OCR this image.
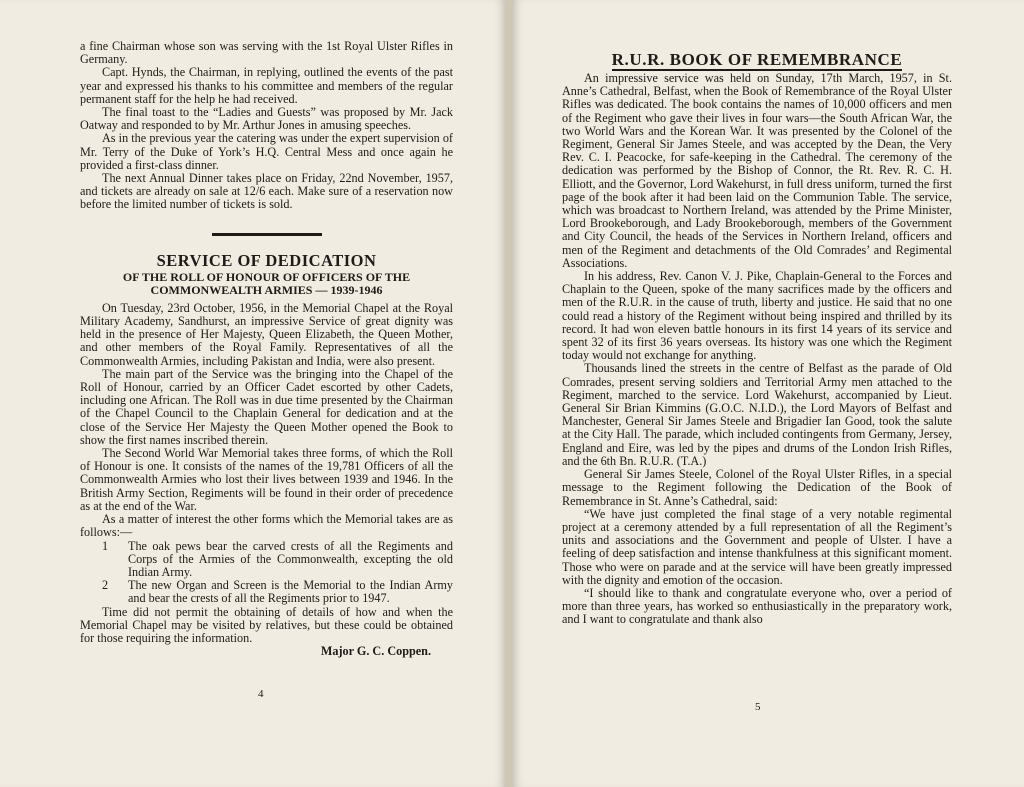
a fine Chairman whose son was serving with the 1st Royal Ulster Rifles in Germany.

Capt. Hynds, the Chairman, in replying, outlined the events of the past year and expressed his thanks to his committee and members of the regular permanent staff for the help he had received.

The final toast to the “Ladies and Guests” was proposed by Mr. Jack Oatway and responded to by Mr. Arthur Jones in amusing speeches.

As in the previous year the catering was under the expert supervision of Mr. Terry of the Duke of York’s H.Q. Central Mess and once again he provided a first-class dinner.

The next Annual Dinner takes place on Friday, 22nd November, 1957, and tickets are already on sale at 12/6 each. Make sure of a reservation now before the limited number of tickets is sold.

SERVICE OF DEDICATION
OF THE ROLL OF HONOUR OF OFFICERS OF THE
COMMONWEALTH ARMIES — 1939-1946

On Tuesday, 23rd October, 1956, in the Memorial Chapel at the Royal Military Academy, Sandhurst, an impressive Service of great dignity was held in the presence of Her Majesty, Queen Elizabeth, the Queen Mother, and other members of the Royal Family. Representatives of all the Commonwealth Armies, including Pakistan and India, were also present.

The main part of the Service was the bringing into the Chapel of the Roll of Honour, carried by an Officer Cadet escorted by other Cadets, including one African. The Roll was in due time presented by the Chairman of the Chapel Council to the Chaplain General for dedication and at the close of the Service Her Majesty the Queen Mother opened the Book to show the first names inscribed therein.

The Second World War Memorial takes three forms, of which the Roll of Honour is one. It consists of the names of the 19,781 Officers of all the Commonwealth Armies who lost their lives between 1939 and 1946. In the British Army Section, Regiments will be found in their order of precedence as at the end of the War.

As a matter of interest the other forms which the Memorial takes are as follows:—

1	The oak pews bear the carved crests of all the Regiments and Corps of the Armies of the Commonwealth, excepting the old Indian Army.
2	The new Organ and Screen is the Memorial to the Indian Army and bear the crests of all the Regiments prior to 1947.

Time did not permit the obtaining of details of how and when the Memorial Chapel may be visited by relatives, but these could be obtained for those requiring the information.

Major G. C. Coppen.
4
R.U.R. BOOK OF REMEMBRANCE

An impressive service was held on Sunday, 17th March, 1957, in St. Anne’s Cathedral, Belfast, when the Book of Remembrance of the Royal Ulster Rifles was dedicated. The book contains the names of 10,000 officers and men of the Regiment who gave their lives in four wars—the South African War, the two World Wars and the Korean War. It was presented by the Colonel of the Regiment, General Sir James Steele, and was accepted by the Dean, the Very Rev. C. I. Peacocke, for safe-keeping in the Cathedral. The ceremony of the dedication was performed by the Bishop of Connor, the Rt. Rev. R. C. H. Elliott, and the Governor, Lord Wakehurst, in full dress uniform, turned the first page of the book after it had been laid on the Communion Table. The service, which was broadcast to Northern Ireland, was attended by the Prime Minister, Lord Brookeborough, and Lady Brookeborough, members of the Government and City Council, the heads of the Services in Northern Ireland, officers and men of the Regiment and detachments of the Old Comrades’ and Regimental Associations.

In his address, Rev. Canon V. J. Pike, Chaplain-General to the Forces and Chaplain to the Queen, spoke of the many sacrifices made by the officers and men of the R.U.R. in the cause of truth, liberty and justice. He said that no one could read a history of the Regiment without being inspired and thrilled by its record. It had won eleven battle honours in its first 14 years of its service and spent 32 of its first 36 years overseas. Its history was one which the Regiment today would not exchange for anything.

Thousands lined the streets in the centre of Belfast as the parade of Old Comrades, present serving soldiers and Territorial Army men attached to the Regiment, marched to the service. Lord Wakehurst, accompanied by Lieut. General Sir Brian Kimmins (G.O.C. N.I.D.), the Lord Mayors of Belfast and Manchester, General Sir James Steele and Brigadier Ian Good, took the salute at the City Hall. The parade, which included contingents from Germany, Jersey, England and Eire, was led by the pipes and drums of the London Irish Rifles, and the 6th Bn. R.U.R. (T.A.)

General Sir James Steele, Colonel of the Royal Ulster Rifles, in a special message to the Regiment following the Dedication of the Book of Remembrance in St. Anne’s Cathedral, said:

“We have just completed the final stage of a very notable regimental project at a ceremony attended by a full representation of all the Regiment’s units and associations and the Government and people of Ulster. I have a feeling of deep satisfaction and intense thankfulness at this significant moment. Those who were on parade and at the service will have been greatly impressed with the dignity and emotion of the occasion.

“I should like to thank and congratulate everyone who, over a period of more than three years, has worked so enthusiastically in the preparatory work, and I want to congratulate and thank also

5
